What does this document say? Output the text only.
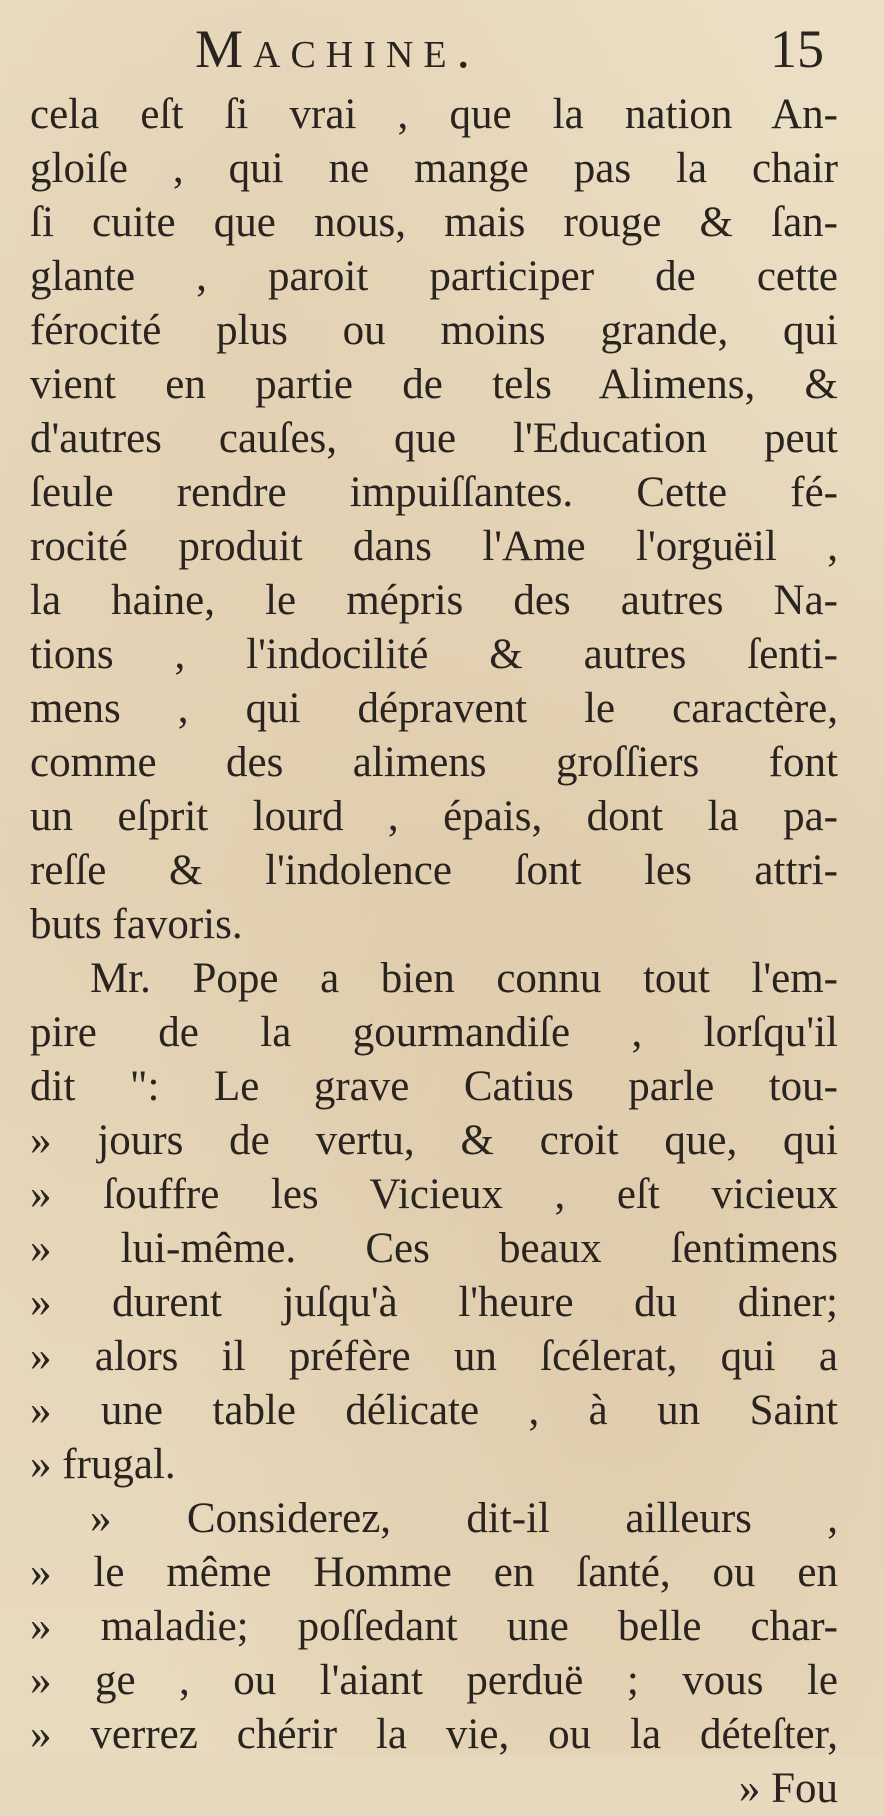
Machine.	15
cela eſt ſi vrai , que la nation An-
gloiſe , qui ne mange pas la chair
ſi cuite que nous, mais rouge & ſan-
glante , paroit participer de cette
férocité plus ou moins grande, qui
vient en partie de tels Alimens, &
d'autres cauſes, que l'Education peut
ſeule rendre impuiſſantes. Cette fé-
rocité produit dans l'Ame l'orguëil ,
la haine, le mépris des autres Na-
tions , l'indocilité & autres ſenti-
mens , qui dépravent le caractère,
comme des alimens groſſiers font
un eſprit lourd , épais, dont la pa-
reſſe & l'indolence ſont les attri-
buts favoris.
Mr. Pope a bien connu tout l'em-
pire de la gourmandiſe , lorſqu'il
dit ": Le grave Catius parle tou-
» jours de vertu, & croit que, qui
» ſouffre les Vicieux , eſt vicieux
» lui-même. Ces beaux ſentimens
» durent juſqu'à l'heure du diner;
» alors il préfère un ſcélerat, qui a
» une table délicate , à un Saint
» frugal.
» Considerez, dit-il ailleurs ,
» le même Homme en ſanté, ou en
» maladie; poſſedant une belle char-
» ge , ou l'aiant perduë ; vous le
» verrez chérir la vie, ou la déteſter,
» Fou
